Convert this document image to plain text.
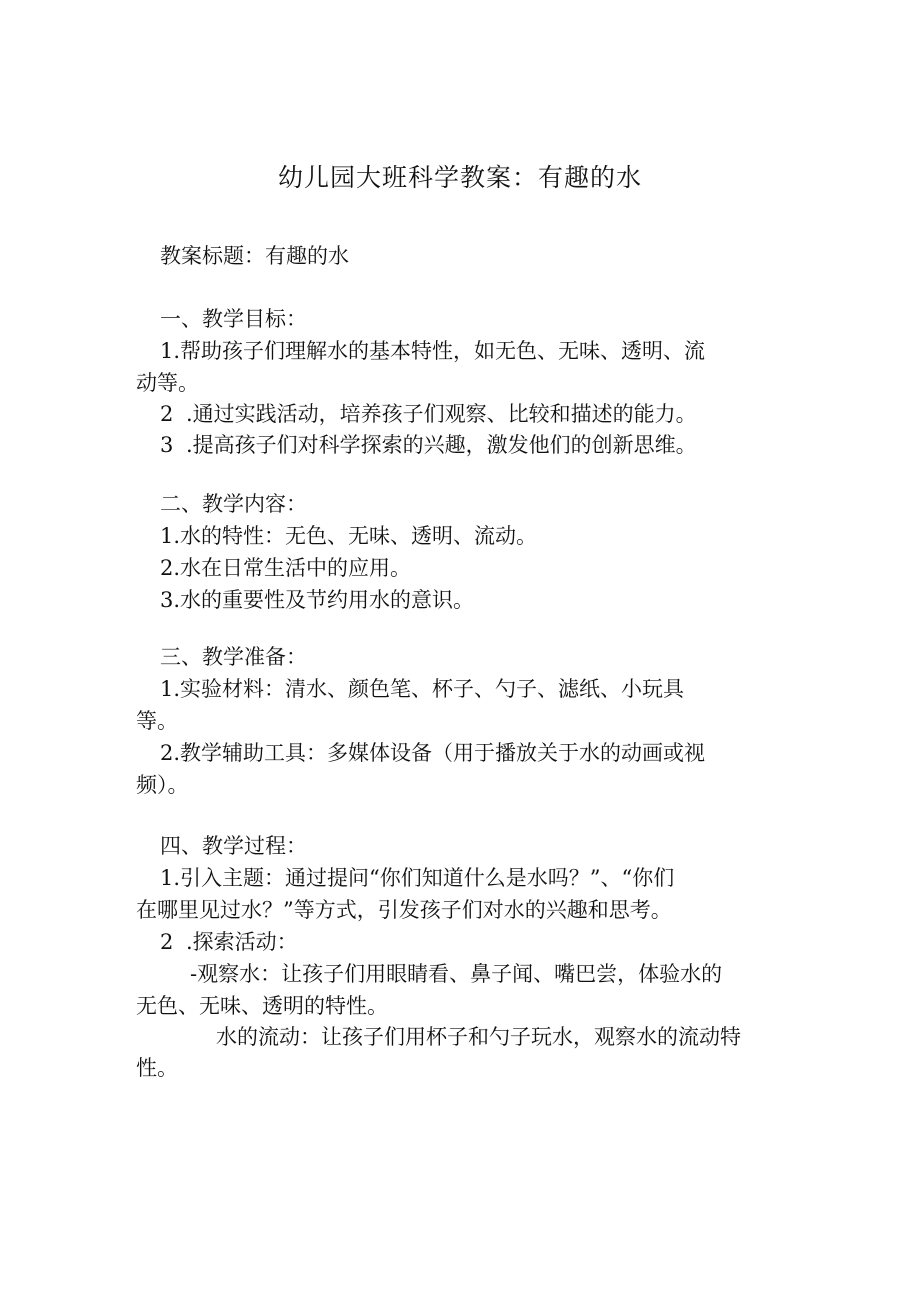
幼儿园大班科学教案：有趣的水

教案标题：有趣的水

一、教学目标：

1.帮助孩子们理解水的基本特性，如无色、无味、透明、流

动等。

2 .通过实践活动，培养孩子们观察、比较和描述的能力。

3 .提高孩子们对科学探索的兴趣，激发他们的创新思维。

二、教学内容：

1.水的特性：无色、无味、透明、流动。

2.水在日常生活中的应用。

3.水的重要性及节约用水的意识。

三、教学准备：

1.实验材料：清水、颜色笔、杯子、勺子、滤纸、小玩具

等。

2.教学辅助工具：多媒体设备（用于播放关于水的动画或视

频）。

四、教学过程：

1.引入主题：通过提问“你们知道什么是水吗？”、“你们

在哪里见过水？”等方式，引发孩子们对水的兴趣和思考。

2 .探索活动：

-观察水：让孩子们用眼睛看、鼻子闻、嘴巴尝，体验水的

无色、无味、透明的特性。

水的流动：让孩子们用杯子和勺子玩水，观察水的流动特

性。
